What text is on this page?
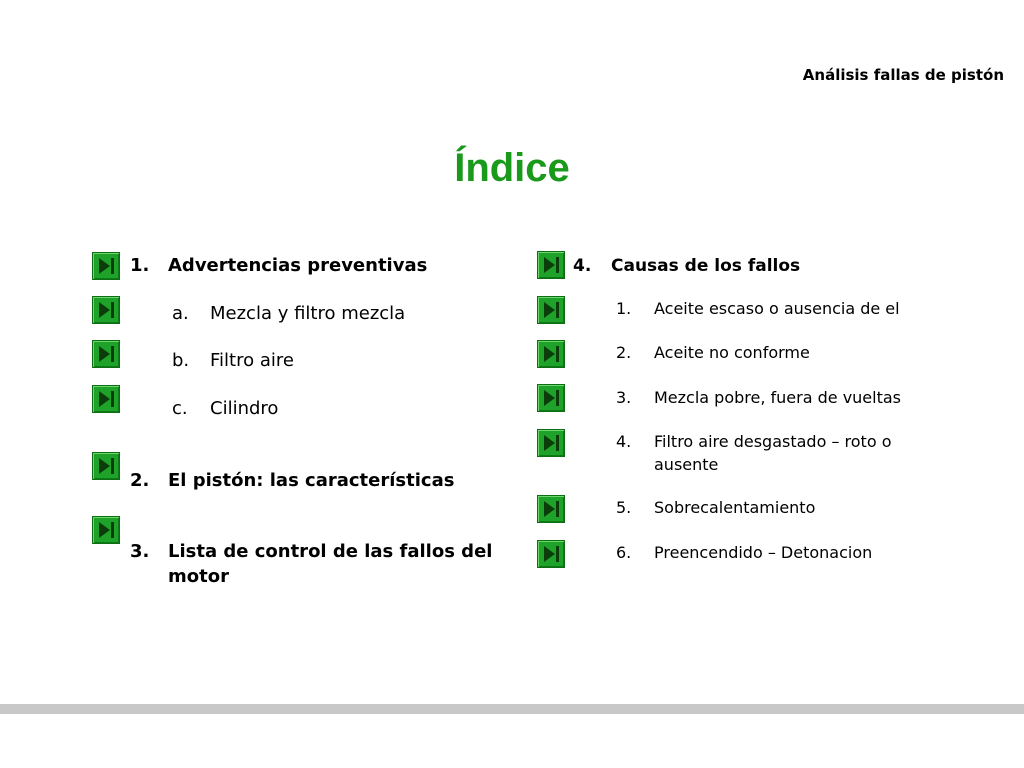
Análisis fallas de pistón
Índice
1. Advertencias preventivas
a. Mezcla y filtro mezcla
b. Filtro aire
c. Cilindro
2. El pistón: las características
3. Lista de control de las fallos del
motor
4. Causas de los fallos
1. Aceite escaso o ausencia de el
2. Aceite no conforme
3. Mezcla pobre, fuera de vueltas
4. Filtro aire desgastado – roto o
ausente
5. Sobrecalentamiento
6. Preencendido – Detonacion
